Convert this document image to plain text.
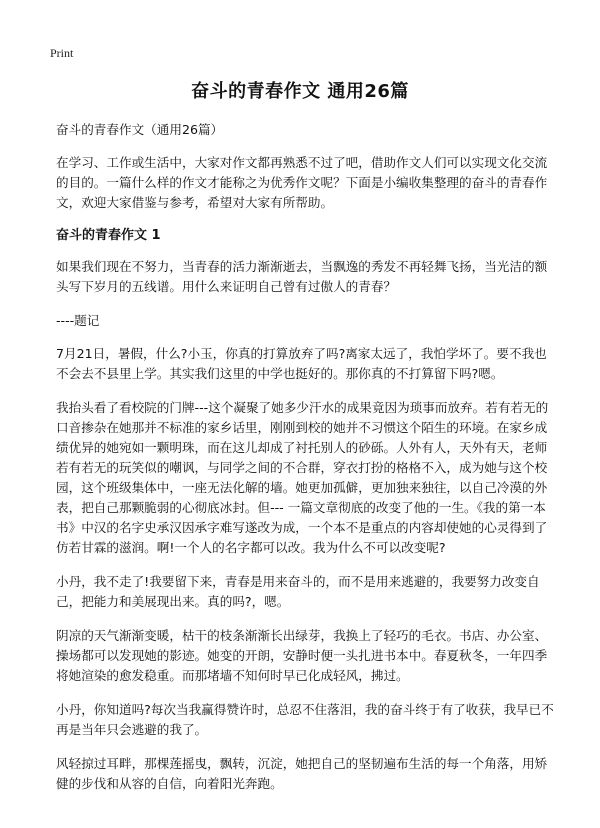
Print
奋斗的青春作文 通用26篇

奋斗的青春作文（通用26篇）

在学习、工作或生活中，大家对作文都再熟悉不过了吧，借助作文人们可以实现文化交流的目的。一篇什么样的作文才能称之为优秀作文呢？下面是小编收集整理的奋斗的青春作文，欢迎大家借鉴与参考，希望对大家有所帮助。

奋斗的青春作文 1

如果我们现在不努力，当青春的活力渐渐逝去，当飘逸的秀发不再轻舞飞扬，当光洁的额头写下岁月的五线谱。用什么来证明自己曾有过傲人的青春？

----题记

7月21日，暑假，什么?小玉，你真的打算放弃了吗?离家太远了，我怕学坏了。要不我也不会去不县里上学。其实我们这里的中学也挺好的。那你真的不打算留下吗?嗯。

我抬头看了看校院的门牌---这个凝聚了她多少汗水的成果竟因为琐事而放弃。若有若无的口音掺杂在她那并不标准的家乡话里，刚刚到校的她并不习惯这个陌生的环境。在家乡成绩优异的她宛如一颗明珠，而在这儿却成了衬托别人的砂砾。人外有人，天外有天，老师若有若无的玩笑似的嘲讽，与同学之间的不合群，穿衣打扮的格格不入，成为她与这个校园，这个班级集体中，一座无法化解的墙。她更加孤僻，更加独来独往，以自己冷漠的外表，把自己那颗脆弱的心彻底冰封。但--- 一篇文章彻底的改变了他的一生。《我的第一本书》中汉的名字史承汉因承字难写遂改为成，一个本不是重点的内容却使她的心灵得到了仿若甘霖的滋润。啊!一个人的名字都可以改。我为什么不可以改变呢?

小丹，我不走了!我要留下来，青春是用来奋斗的，而不是用来逃避的，我要努力改变自己，把能力和美展现出来。真的吗?，嗯。

阴凉的天气渐渐变暖，枯干的枝条渐渐长出绿芽，我换上了轻巧的毛衣。书店、办公室、操场都可以发现她的影迹。她变的开朗，安静时便一头扎进书本中。春夏秋冬，一年四季将她渲染的愈发稳重。而那堵墙不知何时早已化成轻风，拂过。

小丹，你知道吗?每次当我赢得赞许时，总忍不住落泪，我的奋斗终于有了收获，我早已不再是当年只会逃避的我了。

风轻掠过耳畔，那棵莲摇曳，飘转，沉淀，她把自己的坚韧遍布生活的每一个角落，用矫健的步伐和从容的自信，向着阳光奔跑。
